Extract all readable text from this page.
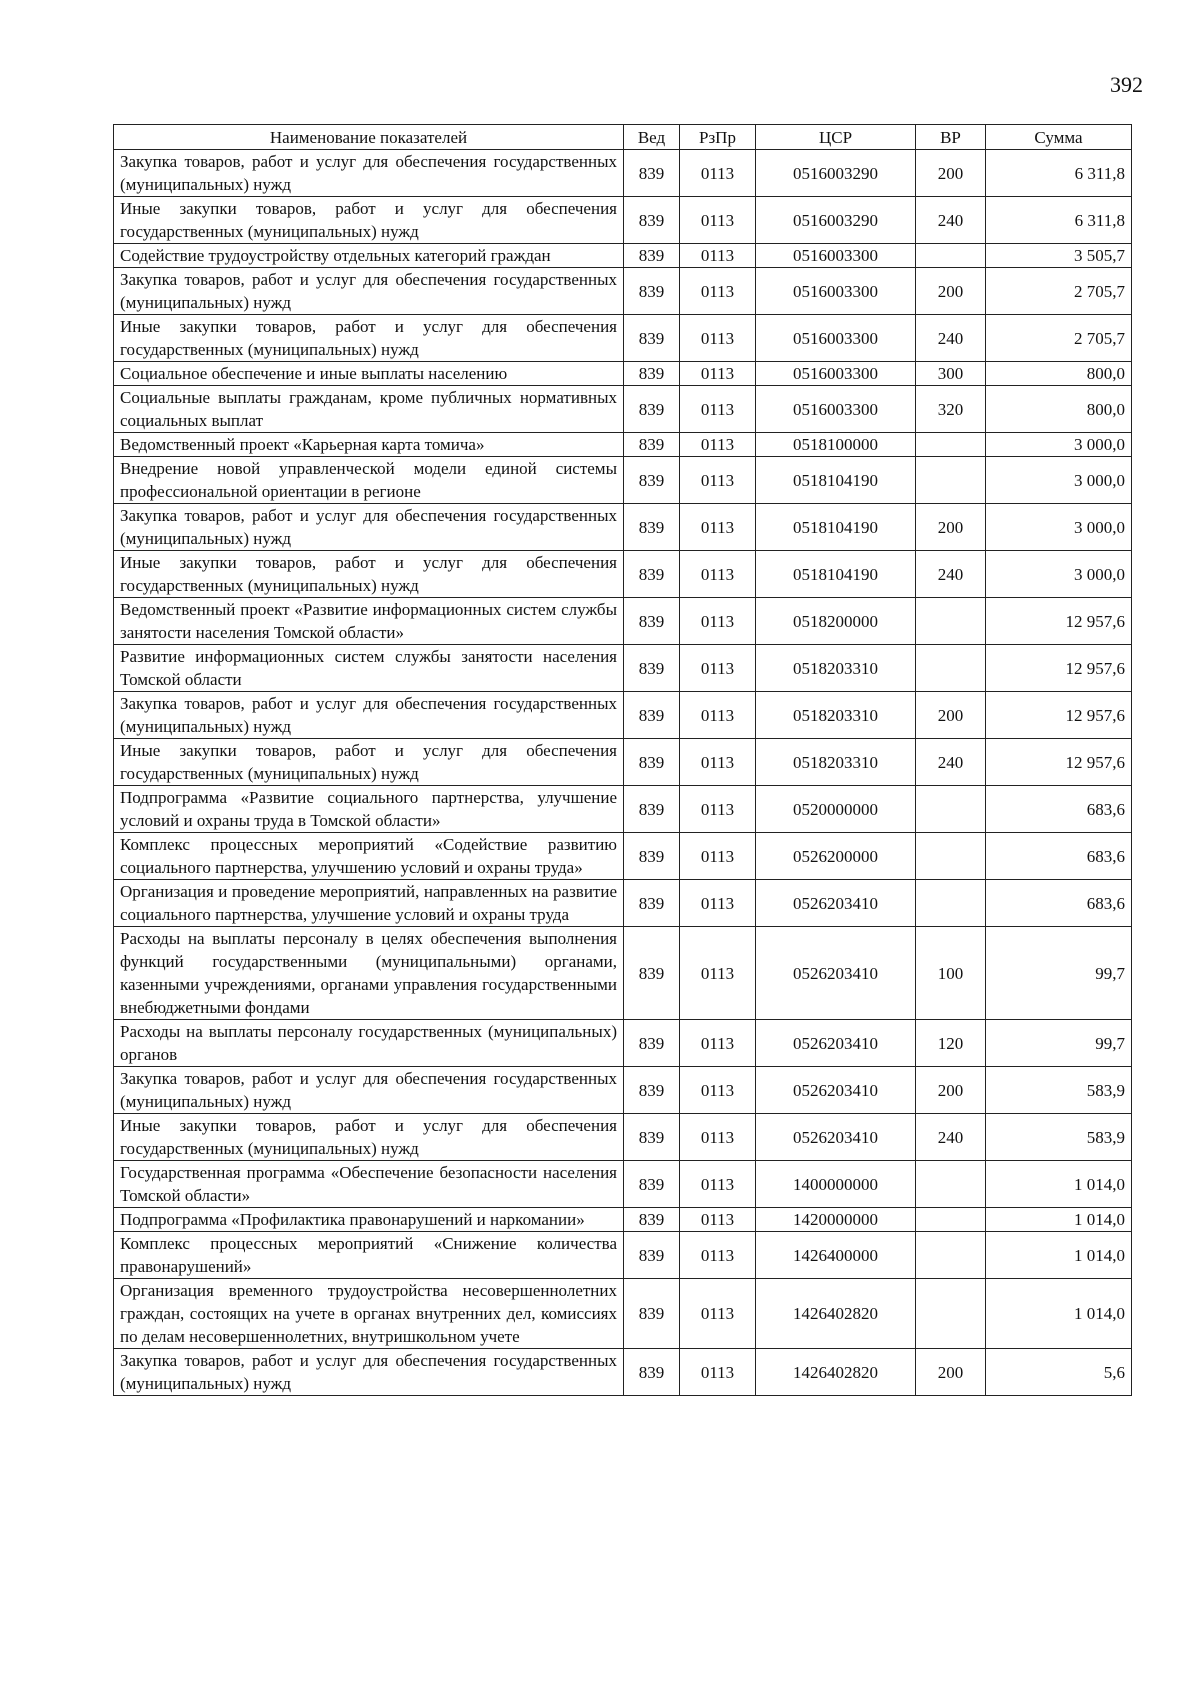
392
Наименование показателей	Вед	РзПр	ЦСР	ВР	Сумма
Закупка товаров, работ и услуг для обеспечения государственных (муниципальных) нужд	839	0113	0516003290	200	6 311,8
Иные закупки товаров, работ и услуг для обеспечения государственных (муниципальных) нужд	839	0113	0516003290	240	6 311,8
Содействие трудоустройству отдельных категорий граждан	839	0113	0516003300		3 505,7
Закупка товаров, работ и услуг для обеспечения государственных (муниципальных) нужд	839	0113	0516003300	200	2 705,7
Иные закупки товаров, работ и услуг для обеспечения государственных (муниципальных) нужд	839	0113	0516003300	240	2 705,7
Социальное обеспечение и иные выплаты населению	839	0113	0516003300	300	800,0
Социальные выплаты гражданам, кроме публичных нормативных социальных выплат	839	0113	0516003300	320	800,0
Ведомственный проект «Карьерная карта томича»	839	0113	0518100000		3 000,0
Внедрение новой управленческой модели единой системы профессиональной ориентации в регионе	839	0113	0518104190		3 000,0
Закупка товаров, работ и услуг для обеспечения государственных (муниципальных) нужд	839	0113	0518104190	200	3 000,0
Иные закупки товаров, работ и услуг для обеспечения государственных (муниципальных) нужд	839	0113	0518104190	240	3 000,0
Ведомственный проект «Развитие информационных систем службы занятости населения Томской области»	839	0113	0518200000		12 957,6
Развитие информационных систем службы занятости населения Томской области	839	0113	0518203310		12 957,6
Закупка товаров, работ и услуг для обеспечения государственных (муниципальных) нужд	839	0113	0518203310	200	12 957,6
Иные закупки товаров, работ и услуг для обеспечения государственных (муниципальных) нужд	839	0113	0518203310	240	12 957,6
Подпрограмма «Развитие социального партнерства, улучшение условий и охраны труда в Томской области»	839	0113	0520000000		683,6
Комплекс процессных мероприятий «Содействие развитию социального партнерства, улучшению условий и охраны труда»	839	0113	0526200000		683,6
Организация и проведение мероприятий, направленных на развитие социального партнерства, улучшение условий и охраны труда	839	0113	0526203410		683,6
Расходы на выплаты персоналу в целях обеспечения выполнения функций государственными (муниципальными) органами, казенными учреждениями, органами управления государственными внебюджетными фондами	839	0113	0526203410	100	99,7
Расходы на выплаты персоналу государственных (муниципальных) органов	839	0113	0526203410	120	99,7
Закупка товаров, работ и услуг для обеспечения государственных (муниципальных) нужд	839	0113	0526203410	200	583,9
Иные закупки товаров, работ и услуг для обеспечения государственных (муниципальных) нужд	839	0113	0526203410	240	583,9
Государственная программа «Обеспечение безопасности населения Томской области»	839	0113	1400000000		1 014,0
Подпрограмма «Профилактика правонарушений и наркомании»	839	0113	1420000000		1 014,0
Комплекс процессных мероприятий «Снижение количества правонарушений»	839	0113	1426400000		1 014,0
Организация временного трудоустройства несовершеннолетних граждан, состоящих на учете в органах внутренних дел, комиссиях по делам несовершеннолетних, внутришкольном учете	839	0113	1426402820		1 014,0
Закупка товаров, работ и услуг для обеспечения государственных (муниципальных) нужд	839	0113	1426402820	200	5,6
